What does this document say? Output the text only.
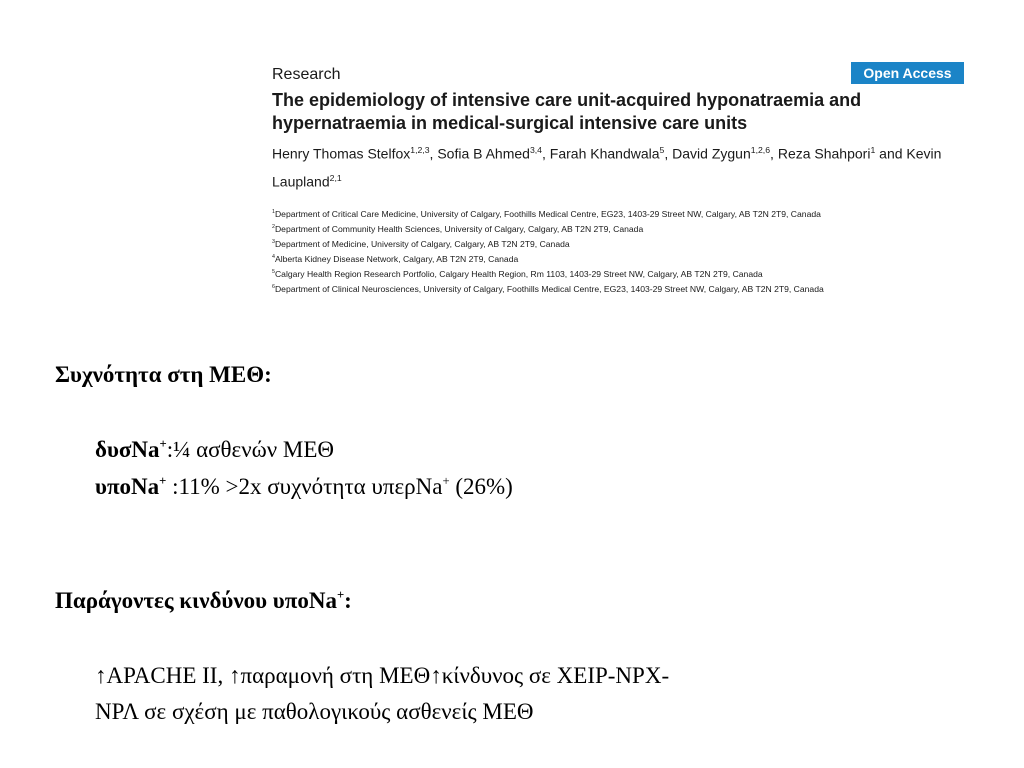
Research	Open Access
The epidemiology of intensive care unit-acquired hyponatraemia and hypernatraemia in medical-surgical intensive care units
Henry Thomas Stelfox$^{1,2,3}$, Sofia B Ahmed$^{3,4}$, Farah Khandwala$^5$, David Zygun$^{1,2,6}$, Reza Shahpori$^1$ and Kevin Laupland$^{2,1}$
$^1$Department of Critical Care Medicine, University of Calgary, Foothills Medical Centre, EG23, 1403-29 Street NW, Calgary, AB T2N 2T9, Canada
$^2$Department of Community Health Sciences, University of Calgary, Calgary, AB T2N 2T9, Canada
$^3$Department of Medicine, University of Calgary, Calgary, AB T2N 2T9, Canada
$^4$Alberta Kidney Disease Network, Calgary, AB T2N 2T9, Canada
$^5$Calgary Health Region Research Portfolio, Calgary Health Region, Rm 1103, 1403-29 Street NW, Calgary, AB T2N 2T9, Canada
$^6$Department of Clinical Neurosciences, University of Calgary, Foothills Medical Centre, EG23, 1403-29 Street NW, Calgary, AB T2N 2T9, Canada
Συχνότητα στη ΜΕΘ:
δυσNa+:¼ ασθενών ΜΕΘ
υποNa+ :11% >2x συχνότητα υπερNa+ (26%)
Παράγοντες κινδύνου υποNa+:
↑APACHE II, ↑παραμονή στη ΜΕΘ↑κίνδυνος σε ΧΕΙΡ-ΝΡΧ-
ΝΡΛ σε σχέση με παθολογικούς ασθενείς ΜΕΘ
